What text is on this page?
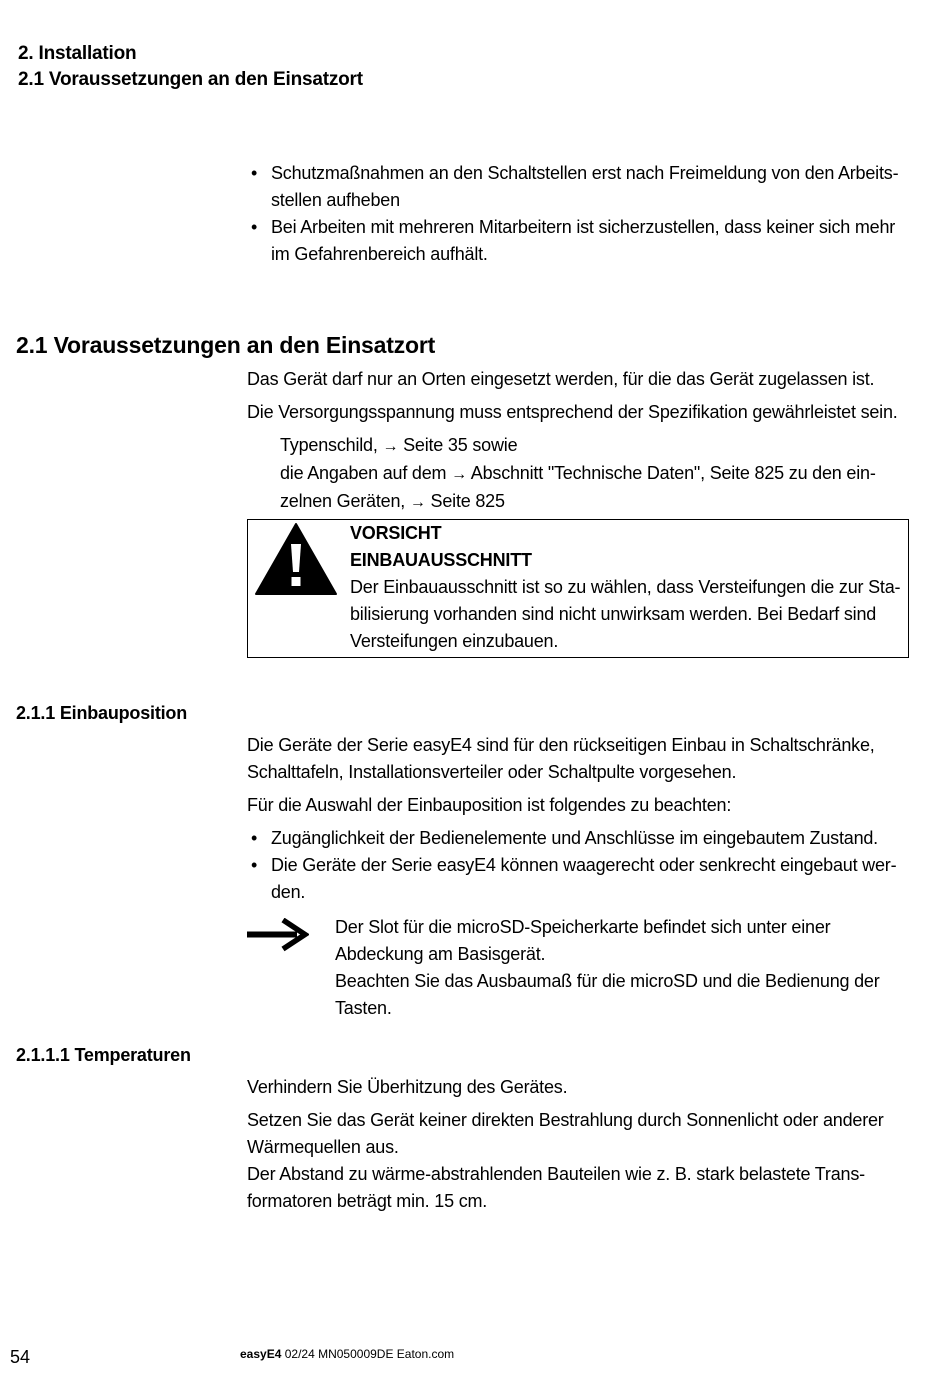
2. Installation
2.1 Voraussetzungen an den Einsatzort
• Schutzmaßnahmen an den Schaltstellen erst nach Freimeldung von den Arbeits- stellen aufheben
• Bei Arbeiten mit mehreren Mitarbeitern ist sicherzustellen, dass keiner sich mehr im Gefahrenbereich aufhält.
2.1 Voraussetzungen an den Einsatzort
Das Gerät darf nur an Orten eingesetzt werden, für die das Gerät zugelassen ist.
Die Versorgungsspannung muss entsprechend der Spezifikation gewährleistet sein.
Typenschild, → Seite 35 sowie
die Angaben auf dem → Abschnitt "Technische Daten", Seite 825 zu den ein-
zelnen Geräten, → Seite 825
VORSICHT
EINBAUAUSSCHNITT
Der Einbauausschnitt ist so zu wählen, dass Versteifungen die zur Sta- bilisierung vorhanden sind nicht unwirksam werden. Bei Bedarf sind Versteifungen einzubauen.
2.1.1 Einbauposition
Die Geräte der Serie easyE4 sind für den rückseitigen Einbau in Schaltschränke, Schalttafeln, Installationsverteiler oder Schaltpulte vorgesehen.
Für die Auswahl der Einbauposition ist folgendes zu beachten:
• Zugänglichkeit der Bedienelemente und Anschlüsse im eingebautem Zustand.
• Die Geräte der Serie easyE4 können waagerecht oder senkrecht eingebaut wer- den.
Der Slot für die microSD-Speicherkarte befindet sich unter einer Abdeckung am Basisgerät.
Beachten Sie das Ausbaumaß für die microSD und die Bedienung der Tasten.
2.1.1.1 Temperaturen
Verhindern Sie Überhitzung des Gerätes.
Setzen Sie das Gerät keiner direkten Bestrahlung durch Sonnenlicht oder anderer Wärmequellen aus.
Der Abstand zu wärme-abstrahlenden Bauteilen wie z. B. stark belastete Trans- formatoren beträgt min. 15 cm.
54	easyE4 02/24 MN050009DE Eaton.com
